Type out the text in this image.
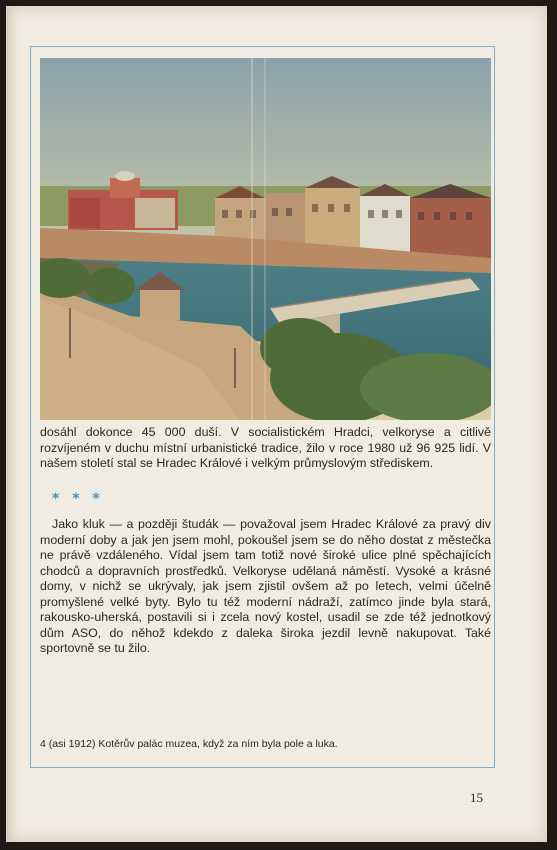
dosáhl dokonce 45 000 duší. V socialistickém Hradci, velkoryse a citlivě rozvíjeném v duchu místní urbanistické tradice, žilo v roce 1980 už 96 925 lidí. V našem století stal se Hradec Králové i velkým průmyslovým střediskem.

* * *

Jako kluk — a později študák — považoval jsem Hradec Králové za pravý div moderní doby a jak jen jsem mohl, pokoušel jsem se do něho dostat z městečka ne právě vzdáleného. Vídal jsem tam totiž nové široké ulice plné spěchajících chodců a dopravních prostředků. Velkoryse udělaná náměstí. Vysoké a krásné domy, v nichž se ukrývaly, jak jsem zjistil ovšem až po letech, velmi účelně promyšlené velké byty. Bylo tu též moderní nádraží, zatímco jinde byla stará, rakousko-uherská, postavili si i zcela nový kostel, usadil se zde též jednotkový dům ASO, do něhož kdekdo z daleka široka jezdil levně nakupovat. Také sportovně se tu žilo.

4 (asi 1912) Kotěrův palác muzea, když za ním byla pole a luka.
15
